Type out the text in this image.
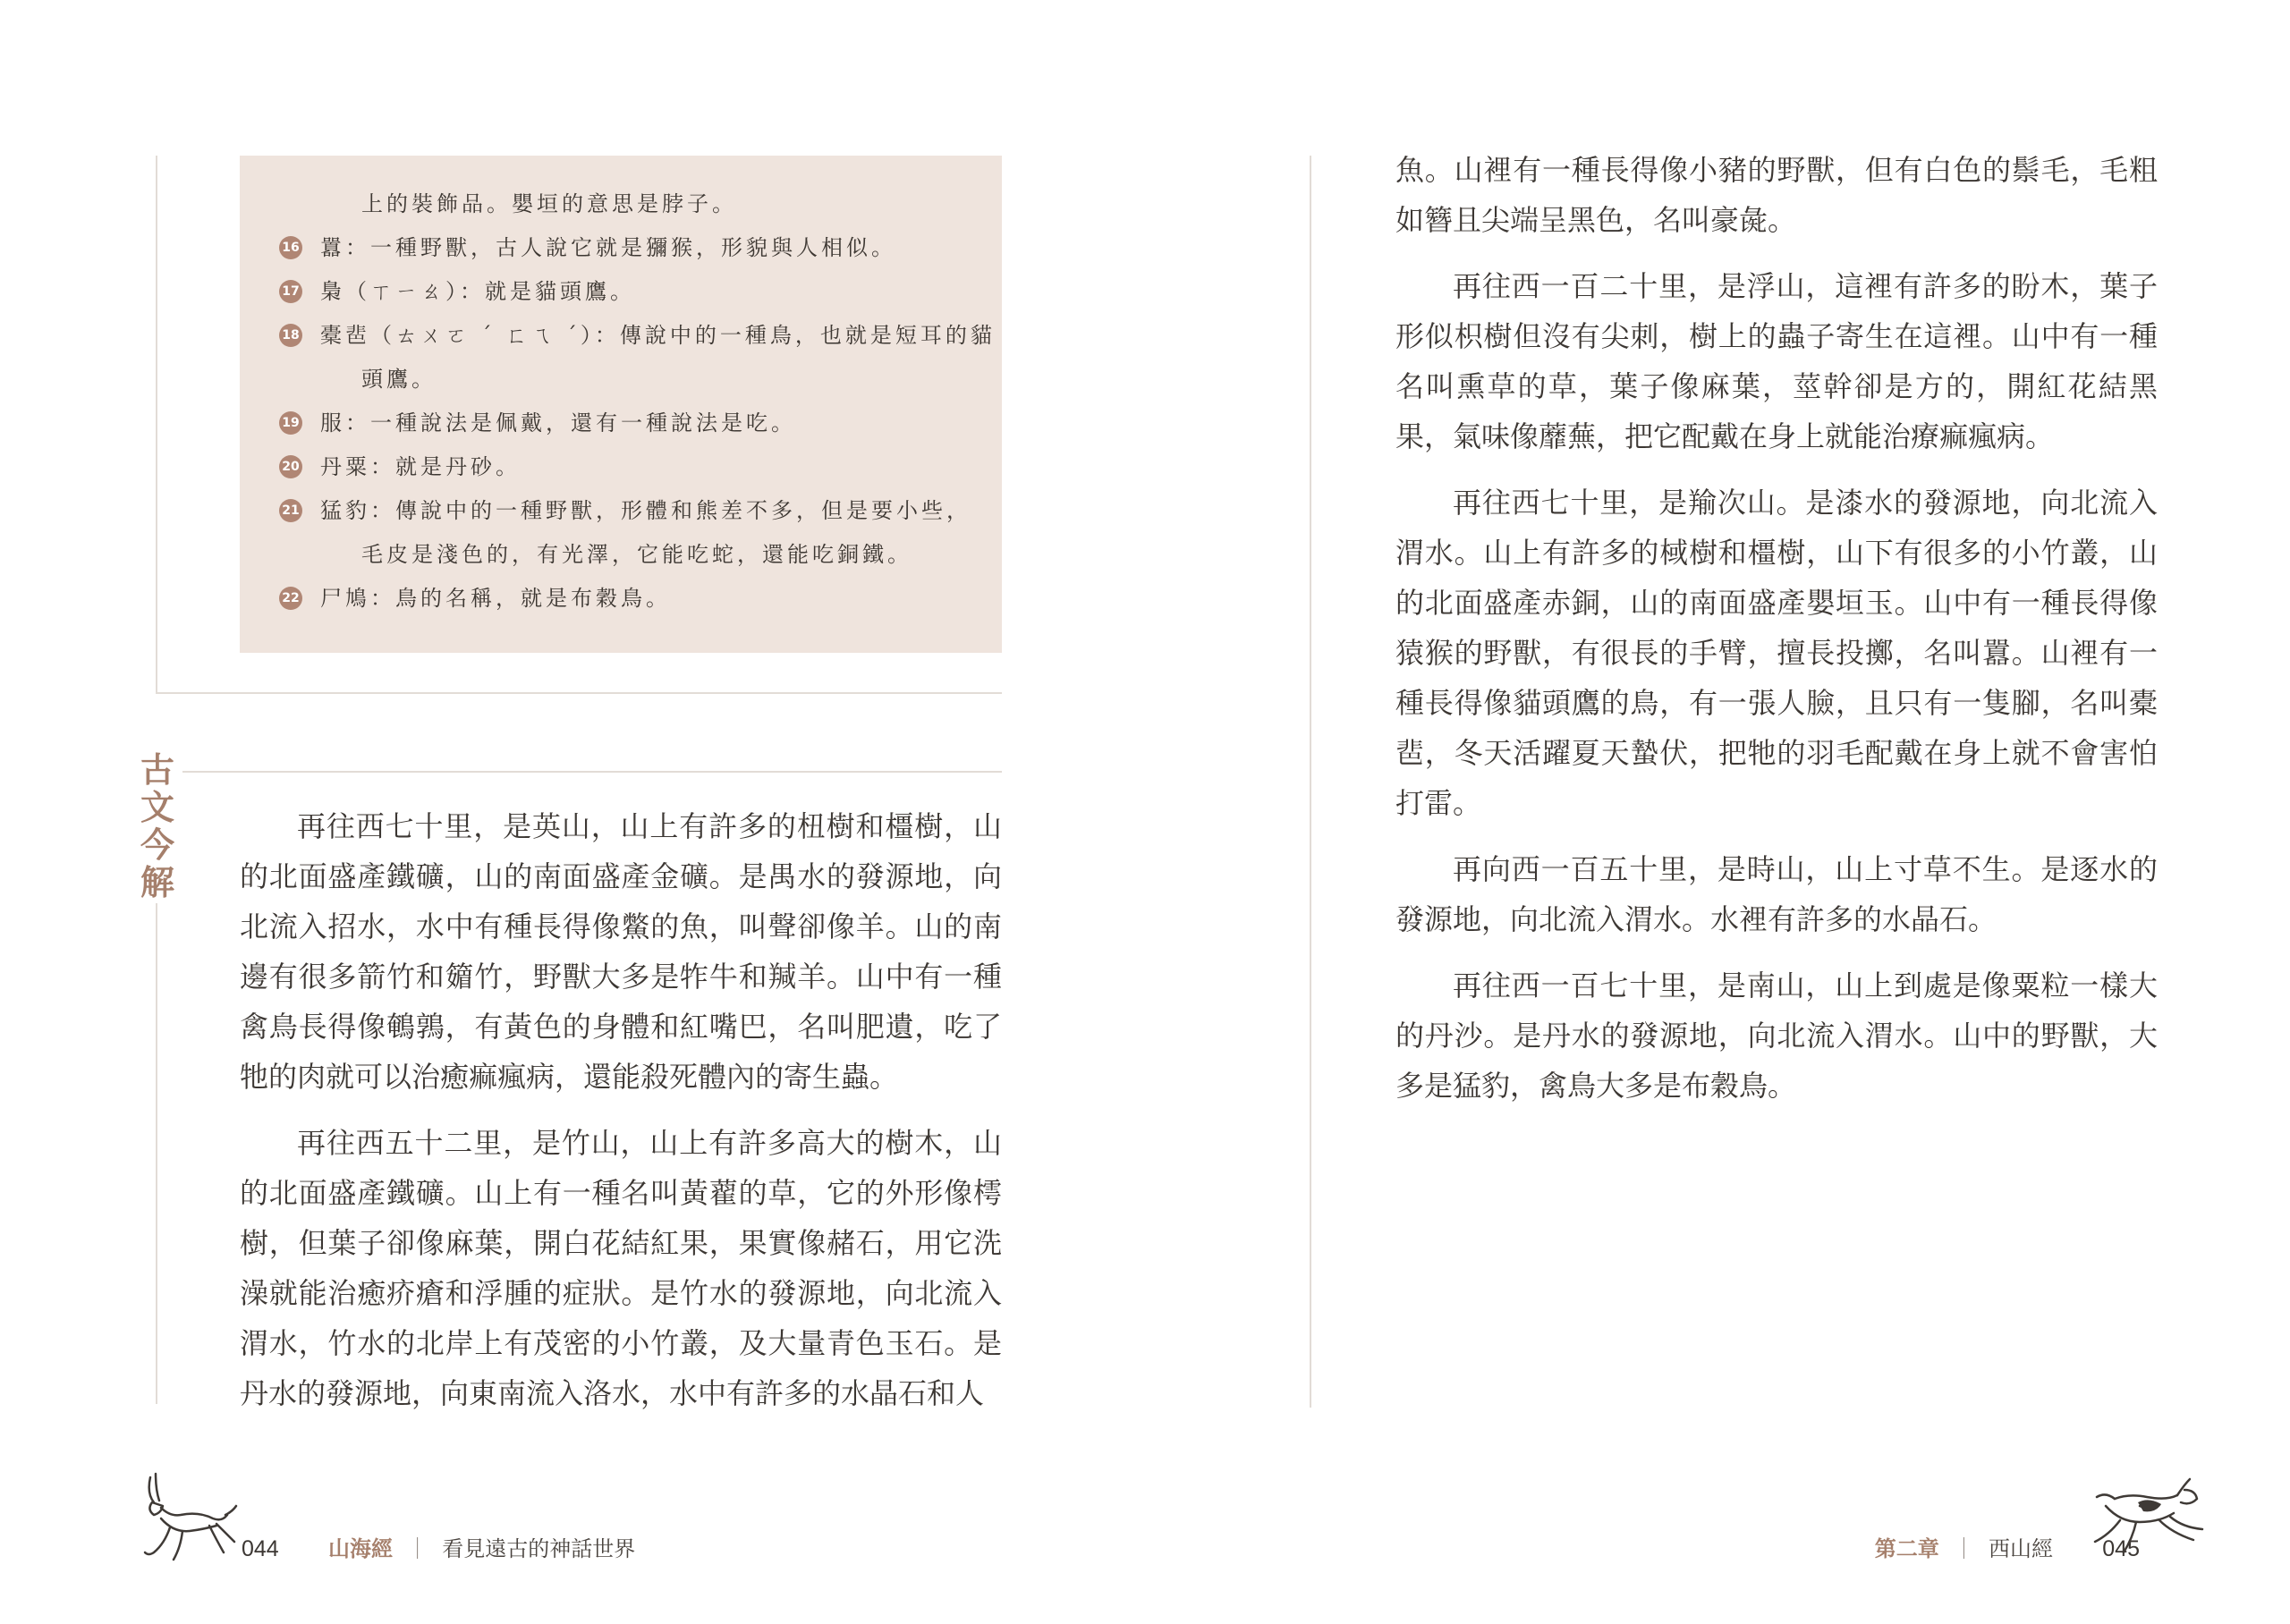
上的裝飾品。嬰垣的意思是脖子。
16 囂：一種野獸，古人說它就是獼猴，形貌與人相似。
17 梟（ㄒㄧㄠ）：就是貓頭鷹。
18 橐𩇯（ㄊㄨㄛ ˊ ㄈㄟ ˊ）：傳說中的一種鳥，也就是短耳的貓
頭鷹。
19 服：一種說法是佩戴，還有一種說法是吃。
20 丹粟：就是丹砂。
21 猛豹：傳說中的一種野獸，形體和熊差不多，但是要小些，
毛皮是淺色的，有光澤，它能吃蛇，還能吃銅鐵。
22 尸鳩：鳥的名稱，就是布穀鳥。
古
文
今
解

再往西七十里，是英山，山上有許多的杻樹和橿樹，山的北面盛產鐵礦，山的南面盛產金礦。是禺水的發源地，向北流入招水，水中有種長得像鱉的魚，叫聲卻像羊。山的南邊有很多箭竹和䉋竹，野獸大多是㸲牛和羬羊。山中有一種禽鳥長得像鵪鶉，有黃色的身體和紅嘴巴，名叫肥遺，吃了牠的肉就可以治癒痲瘋病，還能殺死體內的寄生蟲。

再往西五十二里，是竹山，山上有許多高大的樹木，山的北面盛產鐵礦。山上有一種名叫黃藋的草，它的外形像樗樹，但葉子卻像麻葉，開白花結紅果，果實像赭石，用它洗澡就能治癒疥瘡和浮腫的症狀。是竹水的發源地，向北流入渭水，竹水的北岸上有茂密的小竹叢，及大量青色玉石。是丹水的發源地，向東南流入洛水，水中有許多的水晶石和人

044 山海經 ｜ 看見遠古的神話世界

魚。山裡有一種長得像小豬的野獸，但有白色的鬃毛，毛粗如簪且尖端呈黑色，名叫豪彘。

再往西一百二十里，是浮山，這裡有許多的盼木，葉子形似枳樹但沒有尖刺，樹上的蟲子寄生在這裡。山中有一種名叫熏草的草，葉子像麻葉，莖幹卻是方的，開紅花結黑果，氣味像蘼蕪，把它配戴在身上就能治療痲瘋病。

再往西七十里，是羭次山。是漆水的發源地，向北流入渭水。山上有許多的棫樹和橿樹，山下有很多的小竹叢，山的北面盛產赤銅，山的南面盛產嬰垣玉。山中有一種長得像猿猴的野獸，有很長的手臂，擅長投擲，名叫囂。山裡有一種長得像貓頭鷹的鳥，有一張人臉，且只有一隻腳，名叫橐𩇯，冬天活躍夏天蟄伏，把牠的羽毛配戴在身上就不會害怕打雷。

再向西一百五十里，是時山，山上寸草不生。是逐水的發源地，向北流入渭水。水裡有許多的水晶石。

再往西一百七十里，是南山，山上到處是像粟粒一樣大的丹沙。是丹水的發源地，向北流入渭水。山中的野獸，大多是猛豹，禽鳥大多是布穀鳥。

第二章 ｜ 西山經 045
